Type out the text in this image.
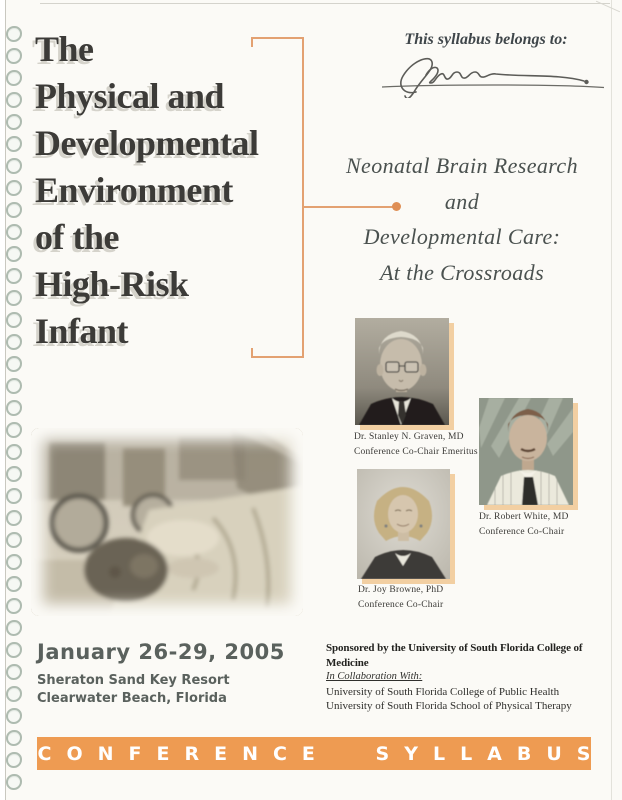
The
Physical and
Developmental
Environment
of the
High-Risk
Infant
This syllabus belongs to:
Neonatal Brain Research
and
Developmental Care:
At the Crossroads
Dr. Stanley N. Graven, MD
Conference Co-Chair Emeritus
Dr. Robert White, MD
Conference Co-Chair
Dr. Joy Browne, PhD
Conference Co-Chair
January 26-29, 2005
Sheraton Sand Key Resort
Clearwater Beach, Florida
Sponsored by the University of South Florida College of Medicine
In Collaboration With:
University of South Florida College of Public Health
University of South Florida School of Physical Therapy
CONFERENCE SYLLABUS
